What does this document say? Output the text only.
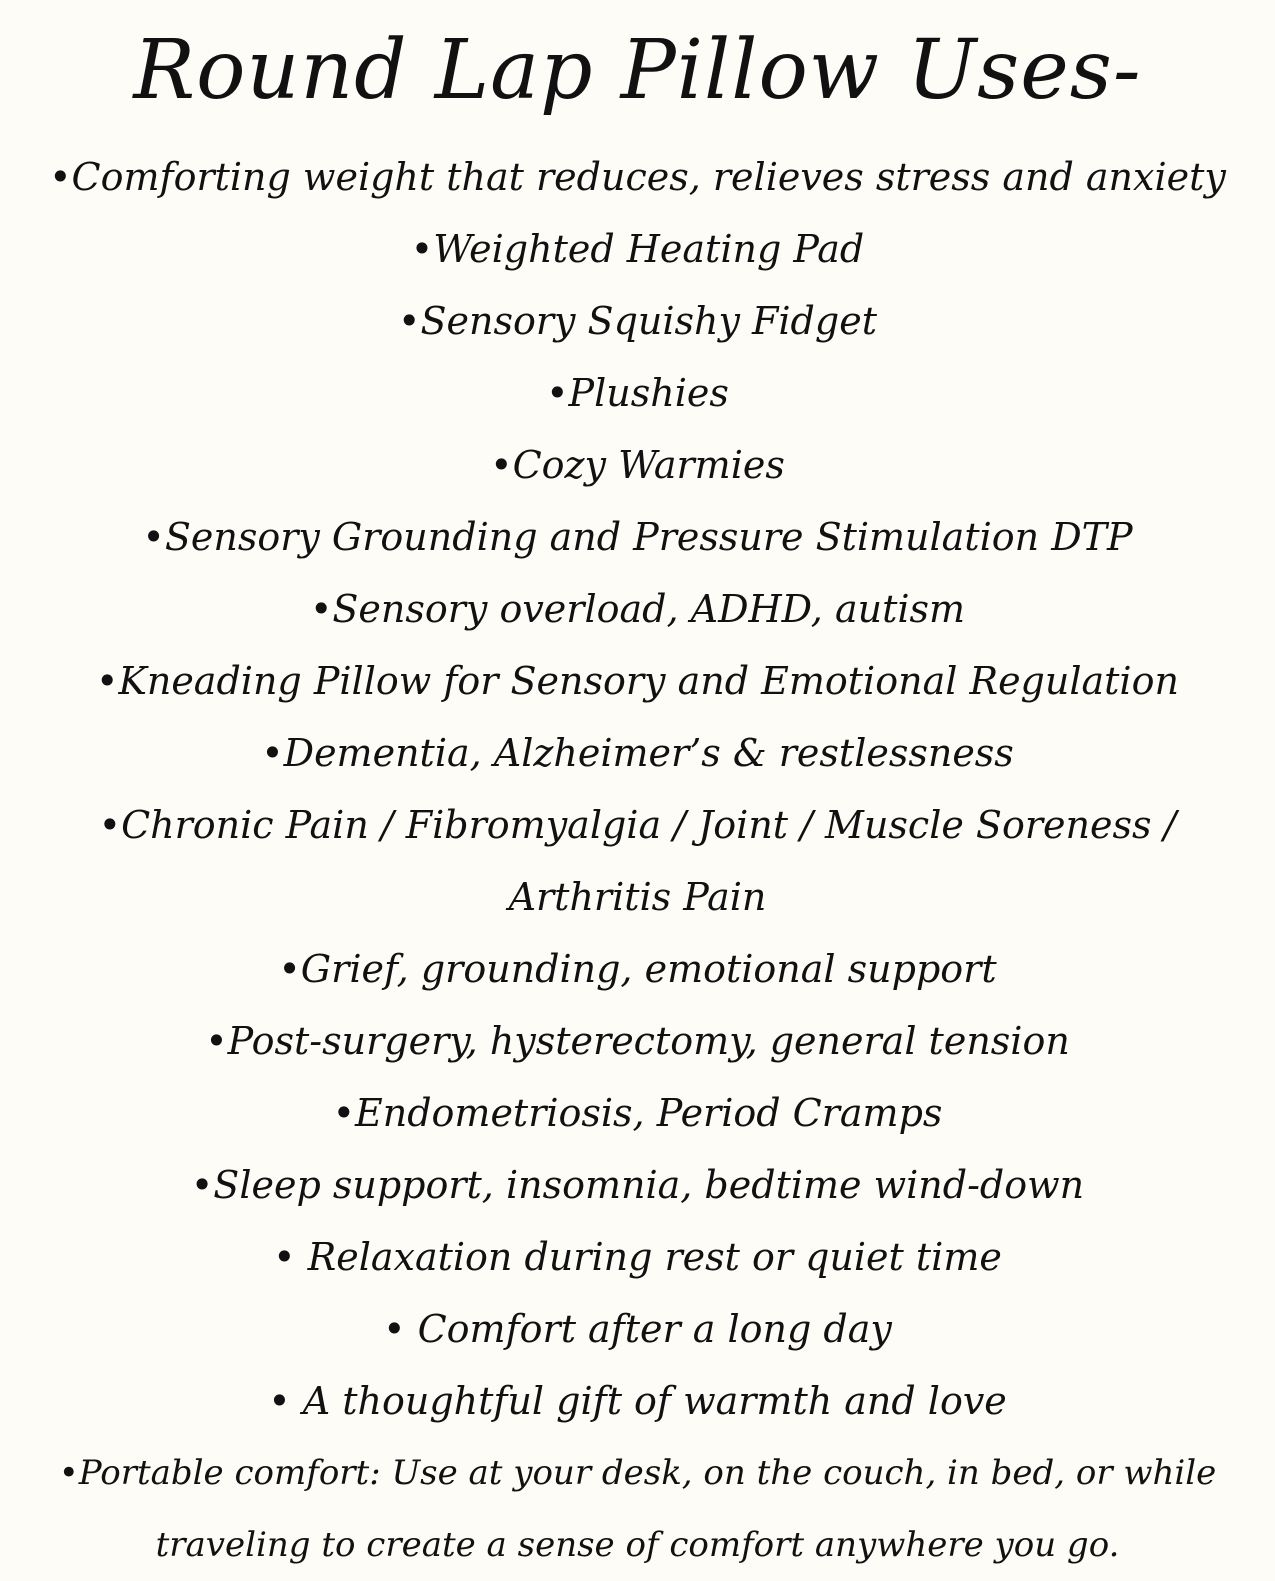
Round Lap Pillow Uses-
•Comforting weight that reduces, relieves stress and anxiety
•Weighted Heating Pad
•Sensory Squishy Fidget
•Plushies
•Cozy Warmies
•Sensory Grounding and Pressure Stimulation DTP
•Sensory overload, ADHD, autism
•Kneading Pillow for Sensory and Emotional Regulation
•Dementia, Alzheimer’s & restlessness
•Chronic Pain / Fibromyalgia / Joint / Muscle Soreness / Arthritis Pain
•Grief, grounding, emotional support
•Post-surgery, hysterectomy, general tension
•Endometriosis, Period Cramps
•Sleep support, insomnia, bedtime wind-down
• Relaxation during rest or quiet time
• Comfort after a long day
• A thoughtful gift of warmth and love
•Portable comfort: Use at your desk, on the couch, in bed, or while traveling to create a sense of comfort anywhere you go.
